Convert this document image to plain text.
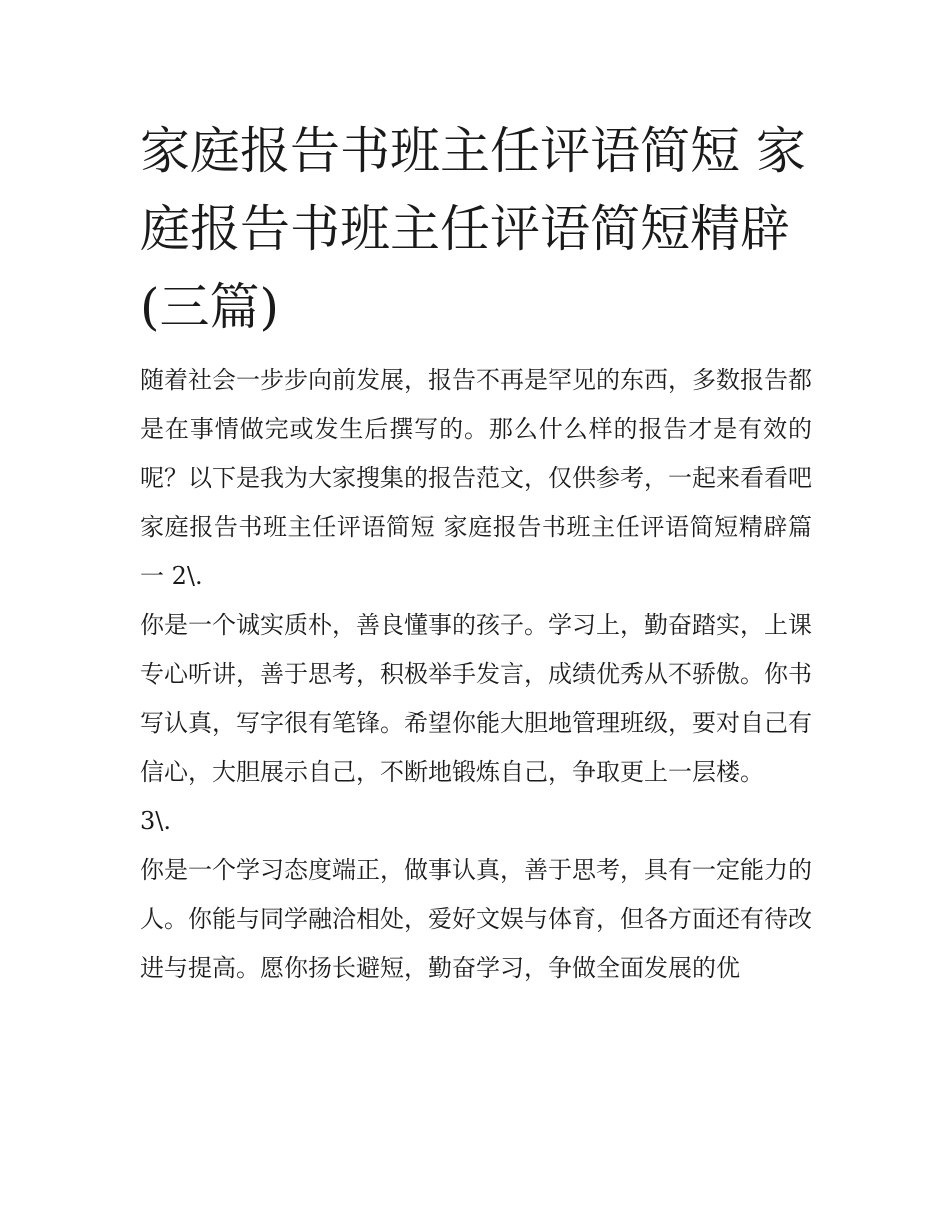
家庭报告书班主任评语简短 家庭报告书班主任评语简短精辟(三篇)

随着社会一步步向前发展，报告不再是罕见的东西，多数报告都是在事情做完或发生后撰写的。那么什么样的报告才是有效的呢？以下是我为大家搜集的报告范文，仅供参考，一起来看看吧

家庭报告书班主任评语简短 家庭报告书班主任评语简短精辟篇一 2\.

你是一个诚实质朴，善良懂事的孩子。学习上，勤奋踏实，上课专心听讲，善于思考，积极举手发言，成绩优秀从不骄傲。你书写认真，写字很有笔锋。希望你能大胆地管理班级，要对自己有信心，大胆展示自己，不断地锻炼自己，争取更上一层楼。

3\.

你是一个学习态度端正，做事认真，善于思考，具有一定能力的人。你能与同学融洽相处，爱好文娱与体育，但各方面还有待改进与提高。愿你扬长避短，勤奋学习，争做全面发展的优
